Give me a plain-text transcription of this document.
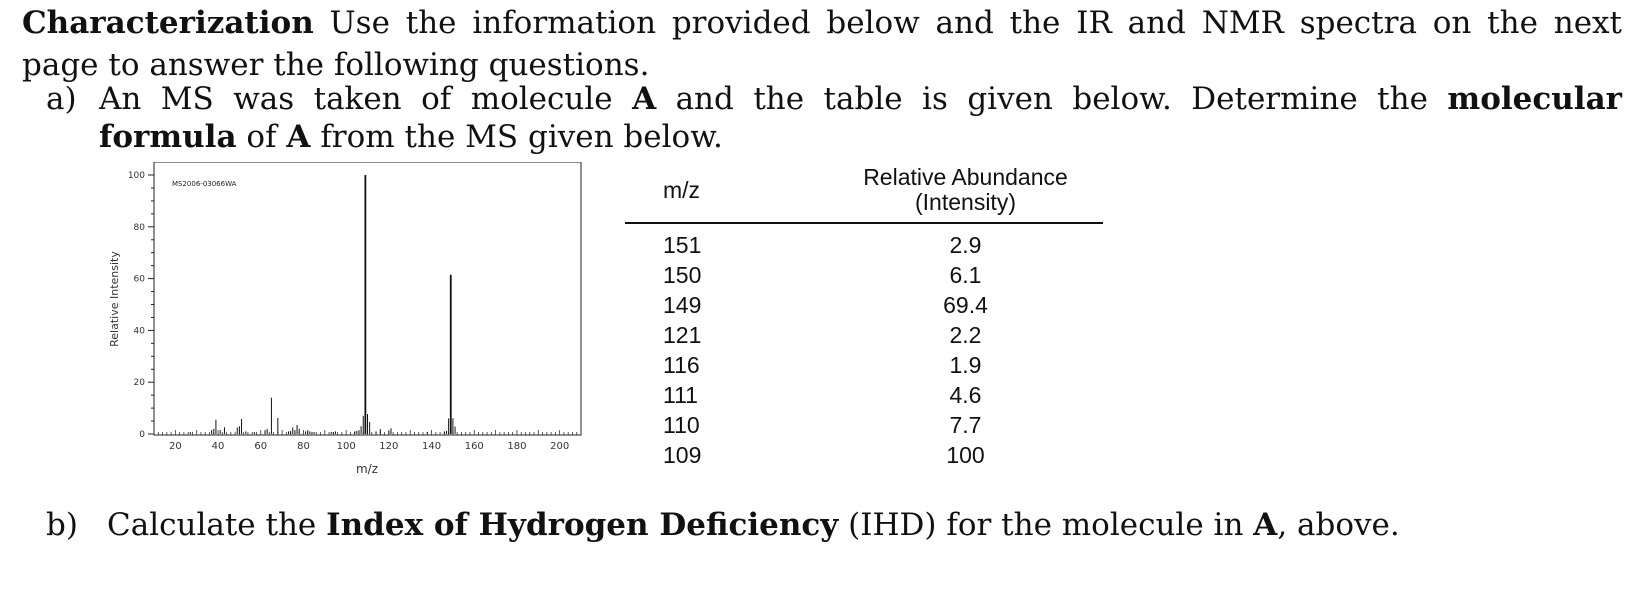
Characterization Use the information provided below and the IR and NMR spectra on the next page to answer the following questions.
a) An MS was taken of molecule A and the table is given below. Determine the molecular formula of A from the MS given below.
0
20
40
60
80
100
20	40	60	80	100 120 140 160 180 200
MS2006-03066WA
Relative Intensity
m/z
m/z	Relative Abundance
(Intensity)
151	2.9
150	6.1
149	69.4
121	2.2
116	1.9
111	4.6
110	7.7
109	100
b) Calculate the Index of Hydrogen Deficiency (IHD) for the molecule in A, above.
